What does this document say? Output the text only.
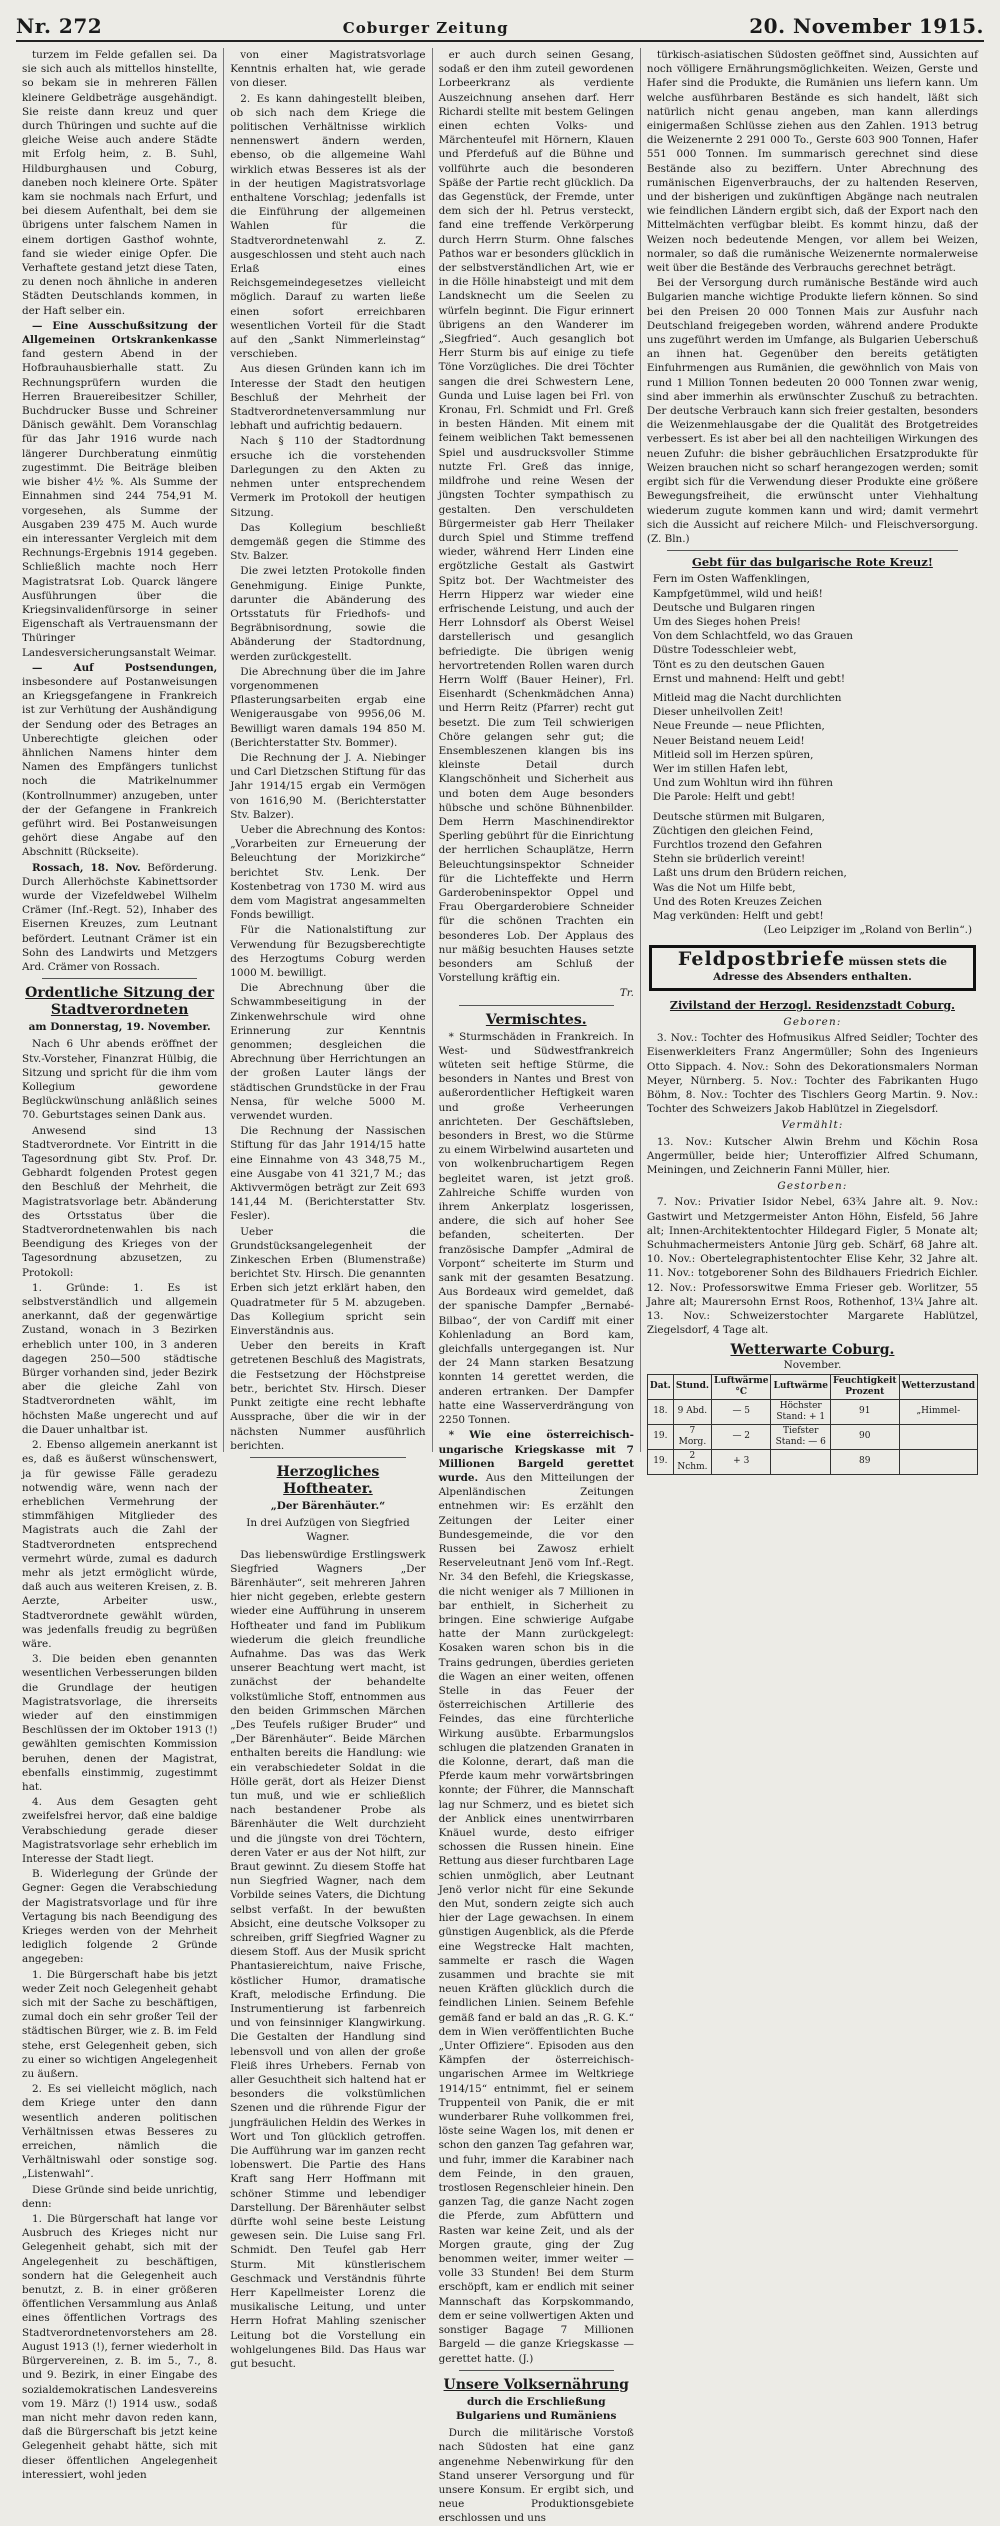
Nr. 272	Coburger Zeitung	20. November 1915.

turzem im Felde gefallen sei. Da sie sich auch als mittellos hinstellte, so bekam sie in mehreren Fällen kleinere Geldbeträge ausgehändigt. Sie reiste dann kreuz und quer durch Thüringen und suchte auf die gleiche Weise auch andere Städte mit Erfolg heim, z. B. Suhl, Hildburghausen und Coburg, daneben noch kleinere Orte. Später kam sie nochmals nach Erfurt, und bei diesem Aufenthalt, bei dem sie übrigens unter falschem Namen in einem dortigen Gasthof wohnte, fand sie wieder einige Opfer. Die Verhaftete gestand jetzt diese Taten, zu denen noch ähnliche in anderen Städten Deutschlands kommen, in der Haft selber ein.

— Eine Ausschußsitzung der Allgemeinen Ortskrankenkasse fand gestern Abend in der Hofbrauhausbierhalle statt. Zu Rechnungsprüfern wurden die Herren Brauereibesitzer Schiller, Buchdrucker Busse und Schreiner Dänisch gewählt. Dem Voranschlag für das Jahr 1916 wurde nach längerer Durchberatung einmütig zugestimmt. Die Beiträge bleiben wie bisher 4½ %. Als Summe der Einnahmen sind 244 754,91 M. vorgesehen, als Summe der Ausgaben 239 475 M. Auch wurde ein interessanter Vergleich mit dem Rechnungs-Ergebnis 1914 gegeben. Schließlich machte noch Herr Magistratsrat Lob. Quarck längere Ausführungen über die Kriegsinvalidenfürsorge in seiner Eigenschaft als Vertrauensmann der Thüringer Landesversicherungsanstalt Weimar.

— Auf Postsendungen, insbesondere auf Postanweisungen an Kriegsgefangene in Frankreich ist zur Verhütung der Aushändigung der Sendung oder des Betrages an Unberechtigte gleichen oder ähnlichen Namens hinter dem Namen des Empfängers tunlichst noch die Matrikelnummer (Kontrollnummer) anzugeben, unter der der Gefangene in Frankreich geführt wird. Bei Postanweisungen gehört diese Angabe auf den Abschnitt (Rückseite).

Rossach, 18. Nov. Beförderung. Durch Allerhöchste Kabinettsorder wurde der Vizefeldwebel Wilhelm Crämer (Inf.-Regt. 52), Inhaber des Eisernen Kreuzes, zum Leutnant befördert. Leutnant Crämer ist ein Sohn des Landwirts und Metzgers Ard. Crämer von Rossach.

Ordentliche Sitzung der Stadtverordneten
am Donnerstag, 19. November.

Nach 6 Uhr abends eröffnet der Stv.-Vorsteher, Finanzrat Hülbig, die Sitzung und spricht für die ihm vom Kollegium gewordene Beglückwünschung anläßlich seines 70. Geburtstages seinen Dank aus.

Anwesend sind 13 Stadtverordnete. Vor Eintritt in die Tagesordnung gibt Stv. Prof. Dr. Gebhardt folgenden Protest gegen den Beschluß der Mehrheit, die Magistratsvorlage betr. Abänderung des Ortsstatus über die Stadtverordnetenwahlen bis nach Beendigung des Krieges von der Tagesordnung abzusetzen, zu Protokoll:

1. Gründe: 1. Es ist selbstverständlich und allgemein anerkannt, daß der gegenwärtige Zustand, wonach in 3 Bezirken erheblich unter 100, in 3 anderen dagegen 250—500 städtische Bürger vorhanden sind, jeder Bezirk aber die gleiche Zahl von Stadtverordneten wählt, im höchsten Maße ungerecht und auf die Dauer unhaltbar ist.

2. Ebenso allgemein anerkannt ist es, daß es äußerst wünschenswert, ja für gewisse Fälle geradezu notwendig wäre, wenn nach der erheblichen Vermehrung der stimmfähigen Mitglieder des Magistrats auch die Zahl der Stadtverordneten entsprechend vermehrt würde, zumal es dadurch mehr als jetzt ermöglicht würde, daß auch aus weiteren Kreisen, z. B. Aerzte, Arbeiter usw., Stadtverordnete gewählt würden, was jedenfalls freudig zu begrüßen wäre.

3. Die beiden eben genannten wesentlichen Verbesserungen bilden die Grundlage der heutigen Magistratsvorlage, die ihrerseits wieder auf den einstimmigen Beschlüssen der im Oktober 1913 (!) gewählten gemischten Kommission beruhen, denen der Magistrat, ebenfalls einstimmig, zugestimmt hat.

4. Aus dem Gesagten geht zweifelsfrei hervor, daß eine baldige Verabschiedung gerade dieser Magistratsvorlage sehr erheblich im Interesse der Stadt liegt.

B. Widerlegung der Gründe der Gegner: Gegen die Verabschiedung der Magistratsvorlage und für ihre Vertagung bis nach Beendigung des Krieges werden von der Mehrheit lediglich folgende 2 Gründe angegeben:

1. Die Bürgerschaft habe bis jetzt weder Zeit noch Gelegenheit gehabt sich mit der Sache zu beschäftigen, zumal doch ein sehr großer Teil der städtischen Bürger, wie z. B. im Feld stehe, erst Gelegenheit geben, sich zu einer so wichtigen Angelegenheit zu äußern.

2. Es sei vielleicht möglich, nach dem Kriege unter den dann wesentlich anderen politischen Verhältnissen etwas Besseres zu erreichen, nämlich die Verhältniswahl oder sonstige sog. „Listenwahl“.

Diese Gründe sind beide unrichtig, denn:

1. Die Bürgerschaft hat lange vor Ausbruch des Krieges nicht nur Gelegenheit gehabt, sich mit der Angelegenheit zu beschäftigen, sondern hat die Gelegenheit auch benutzt, z. B. in einer größeren öffentlichen Versammlung aus Anlaß eines öffentlichen Vortrags des Stadtverordnetenvorstehers am 28. August 1913 (!), ferner wiederholt in Bürgervereinen, z. B. im 5., 7., 8. und 9. Bezirk, in einer Eingabe des sozialdemokratischen Landesvereins vom 19. März (!) 1914 usw., sodaß man nicht mehr davon reden kann, daß die Bürgerschaft bis jetzt keine Gelegenheit gehabt hätte, sich mit dieser öffentlichen Angelegenheit interessiert, wohl jeden

von einer Magistratsvorlage Kenntnis erhalten hat, wie gerade von dieser.

2. Es kann dahingestellt bleiben, ob sich nach dem Kriege die politischen Verhältnisse wirklich nennenswert ändern werden, ebenso, ob die allgemeine Wahl wirklich etwas Besseres ist als der in der heutigen Magistratsvorlage enthaltene Vorschlag; jedenfalls ist die Einführung der allgemeinen Wahlen für die Stadtverordnetenwahl z. Z. ausgeschlossen und steht auch nach Erlaß eines Reichsgemeindegesetzes vielleicht möglich. Darauf zu warten ließe einen sofort erreichbaren wesentlichen Vorteil für die Stadt auf den „Sankt Nimmerleinstag“ verschieben.

Aus diesen Gründen kann ich im Interesse der Stadt den heutigen Beschluß der Mehrheit der Stadtverordnetenversammlung nur lebhaft und aufrichtig bedauern.

Nach § 110 der Stadtordnung ersuche ich die vorstehenden Darlegungen zu den Akten zu nehmen unter entsprechendem Vermerk im Protokoll der heutigen Sitzung.

Das Kollegium beschließt demgemäß gegen die Stimme des Stv. Balzer.

Die zwei letzten Protokolle finden Genehmigung. Einige Punkte, darunter die Abänderung des Ortsstatuts für Friedhofs- und Begräbnisordnung, sowie die Abänderung der Stadtordnung, werden zurückgestellt.

Die Abrechnung über die im Jahre vorgenommenen Pflasterungsarbeiten ergab eine Wenigerausgabe von 9956,06 M. Bewilligt waren damals 194 850 M. (Berichterstatter Stv. Bommer).

Die Rechnung der J. A. Niebinger und Carl Dietzschen Stiftung für das Jahr 1914/15 ergab ein Vermögen von 1616,90 M. (Berichterstatter Stv. Balzer).

Ueber die Abrechnung des Kontos: „Vorarbeiten zur Erneuerung der Beleuchtung der Morizkirche“ berichtet Stv. Lenk. Der Kostenbetrag von 1730 M. wird aus dem vom Magistrat angesammelten Fonds bewilligt.

Für die Nationalstiftung zur Verwendung für Bezugsberechtigte des Herzogtums Coburg werden 1000 M. bewilligt.

Die Abrechnung über die Schwammbeseitigung in der Zinkenwehrschule wird ohne Erinnerung zur Kenntnis genommen; desgleichen die Abrechnung über Herrichtungen an der großen Lauter längs der städtischen Grundstücke in der Frau Nensa, für welche 5000 M. verwendet wurden.

Die Rechnung der Nassischen Stiftung für das Jahr 1914/15 hatte eine Einnahme von 43 348,75 M., eine Ausgabe von 41 321,7 M.; das Aktivvermögen beträgt zur Zeit 693 141,44 M. (Berichterstatter Stv. Fesler).

Ueber die Grundstücksangelegenheit der Zinkeschen Erben (Blumenstraße) berichtet Stv. Hirsch. Die genannten Erben sich jetzt erklärt haben, den Quadratmeter für 5 M. abzugeben. Das Kollegium spricht sein Einverständnis aus.

Ueber den bereits in Kraft getretenen Beschluß des Magistrats, die Festsetzung der Höchstpreise betr., berichtet Stv. Hirsch. Dieser Punkt zeitigte eine recht lebhafte Aussprache, über die wir in der nächsten Nummer ausführlich berichten.

Herzogliches Hoftheater.
„Der Bärenhäuter.“
In drei Aufzügen von Siegfried Wagner.

Das liebenswürdige Erstlingswerk Siegfried Wagners „Der Bärenhäuter“, seit mehreren Jahren hier nicht gegeben, erlebte gestern wieder eine Aufführung in unserem Hoftheater und fand im Publikum wiederum die gleich freundliche Aufnahme. Das was das Werk unserer Beachtung wert macht, ist zunächst der behandelte volkstümliche Stoff, entnommen aus den beiden Grimmschen Märchen „Des Teufels rußiger Bruder“ und „Der Bärenhäuter“. Beide Märchen enthalten bereits die Handlung: wie ein verabschiedeter Soldat in die Hölle gerät, dort als Heizer Dienst tun muß, und wie er schließlich nach bestandener Probe als Bärenhäuter die Welt durchzieht und die jüngste von drei Töchtern, deren Vater er aus der Not hilft, zur Braut gewinnt. Zu diesem Stoffe hat nun Siegfried Wagner, nach dem Vorbilde seines Vaters, die Dichtung selbst verfaßt. In der bewußten Absicht, eine deutsche Volksoper zu schreiben, griff Siegfried Wagner zu diesem Stoff. Aus der Musik spricht Phantasiereichtum, naive Frische, köstlicher Humor, dramatische Kraft, melodische Erfindung. Die Instrumentierung ist farbenreich und von feinsinniger Klangwirkung. Die Gestalten der Handlung sind lebensvoll und von allen der große Fleiß ihres Urhebers. Fernab von aller Gesuchtheit sich haltend hat er besonders die volkstümlichen Szenen und die rührende Figur der jungfräulichen Heldin des Werkes in Wort und Ton glücklich getroffen. Die Aufführung war im ganzen recht lobenswert. Die Partie des Hans Kraft sang Herr Hoffmann mit schöner Stimme und lebendiger Darstellung. Der Bärenhäuter selbst dürfte wohl seine beste Leistung gewesen sein. Die Luise sang Frl. Schmidt. Den Teufel gab Herr Sturm. Mit künstlerischem Geschmack und Verständnis führte Herr Kapellmeister Lorenz die musikalische Leitung, und unter Herrn Hofrat Mahling szenischer Leitung bot die Vorstellung ein wohlgelungenes Bild. Das Haus war gut besucht.

er auch durch seinen Gesang, sodaß er den ihm zuteil gewordenen Lorbeerkranz als verdiente Auszeichnung ansehen darf. Herr Richardi stellte mit bestem Gelingen einen echten Volks- und Märchenteufel mit Hörnern, Klauen und Pferdefuß auf die Bühne und vollführte auch die besonderen Späße der Partie recht glücklich. Da das Gegenstück, der Fremde, unter dem sich der hl. Petrus versteckt, fand eine treffende Verkörperung durch Herrn Sturm. Ohne falsches Pathos war er besonders glücklich in der selbstverständlichen Art, wie er in die Hölle hinabsteigt und mit dem Landsknecht um die Seelen zu würfeln beginnt. Die Figur erinnert übrigens an den Wanderer im „Siegfried“. Auch gesanglich bot Herr Sturm bis auf einige zu tiefe Töne Vorzügliches. Die drei Töchter sangen die drei Schwestern Lene, Gunda und Luise lagen bei Frl. von Kronau, Frl. Schmidt und Frl. Greß in besten Händen. Mit einem mit feinem weiblichen Takt bemessenen Spiel und ausdrucksvoller Stimme nutzte Frl. Greß das innige, mildfrohe und reine Wesen der jüngsten Tochter sympathisch zu gestalten. Den verschuldeten Bürgermeister gab Herr Theilaker durch Spiel und Stimme treffend wieder, während Herr Linden eine ergötzliche Gestalt als Gastwirt Spitz bot. Der Wachtmeister des Herrn Hipperz war wieder eine erfrischende Leistung, und auch der Herr Lohnsdorf als Oberst Weisel darstellerisch und gesanglich befriedigte. Die übrigen wenig hervortretenden Rollen waren durch Herrn Wolff (Bauer Heiner), Frl. Eisenhardt (Schenkmädchen Anna) und Herrn Reitz (Pfarrer) recht gut besetzt. Die zum Teil schwierigen Chöre gelangen sehr gut; die Ensembleszenen klangen bis ins kleinste Detail durch Klangschönheit und Sicherheit aus und boten dem Auge besonders hübsche und schöne Bühnenbilder. Dem Herrn Maschinendirektor Sperling gebührt für die Einrichtung der herrlichen Schauplätze, Herrn Beleuchtungsinspektor Schneider für die Lichteffekte und Herrn Garderobeninspektor Oppel und Frau Obergarderobiere Schneider für die schönen Trachten ein besonderes Lob. Der Applaus des nur mäßig besuchten Hauses setzte besonders am Schluß der Vorstellung kräftig ein.

Tr.
Vermischtes.

* Sturmschäden in Frankreich. In West- und Südwestfrankreich wüteten seit heftige Stürme, die besonders in Nantes und Brest von außerordentlicher Heftigkeit waren und große Verheerungen anrichteten. Der Geschäftsleben, besonders in Brest, wo die Stürme zu einem Wirbelwind ausarteten und von wolkenbruchartigem Regen begleitet waren, ist jetzt groß. Zahlreiche Schiffe wurden von ihrem Ankerplatz losgerissen, andere, die sich auf hoher See befanden, scheiterten. Der französische Dampfer „Admiral de Vorpont“ scheiterte im Sturm und sank mit der gesamten Besatzung. Aus Bordeaux wird gemeldet, daß der spanische Dampfer „Bernabé-Bilbao“, der von Cardiff mit einer Kohlenladung an Bord kam, gleichfalls untergegangen ist. Nur der 24 Mann starken Besatzung konnten 14 gerettet werden, die anderen ertranken. Der Dampfer hatte eine Wasserverdrängung von 2250 Tonnen.

* Wie eine österreichisch-ungarische Kriegskasse mit 7 Millionen Bargeld gerettet wurde. Aus den Mitteilungen der Alpenländischen Zeitungen entnehmen wir: Es erzählt den Zeitungen der Leiter einer Bundesgemeinde, die vor den Russen bei Zawosz erhielt Reserveleutnant Jenö vom Inf.-Regt. Nr. 34 den Befehl, die Kriegskasse, die nicht weniger als 7 Millionen in bar enthielt, in Sicherheit zu bringen. Eine schwierige Aufgabe hatte der Mann zurückgelegt: Kosaken waren schon bis in die Trains gedrungen, überdies gerieten die Wagen an einer weiten, offenen Stelle in das Feuer der österreichischen Artillerie des Feindes, das eine fürchterliche Wirkung ausübte. Erbarmungslos schlugen die platzenden Granaten in die Kolonne, derart, daß man die Pferde kaum mehr vorwärtsbringen konnte; der Führer, die Mannschaft lag nur Schmerz, und es bietet sich der Anblick eines unentwirrbaren Knäuel wurde, desto eifriger schossen die Russen hinein. Eine Rettung aus dieser furchtbaren Lage schien unmöglich, aber Leutnant Jenö verlor nicht für eine Sekunde den Mut, sondern zeigte sich auch hier der Lage gewachsen. In einem günstigen Augenblick, als die Pferde eine Wegstrecke Halt machten, sammelte er rasch die Wagen zusammen und brachte sie mit neuen Kräften glücklich durch die feindlichen Linien. Seinem Befehle gemäß fand er bald an das „R. G. K.“ dem in Wien veröffentlichten Buche „Unter Offiziere“. Episoden aus den Kämpfen der österreichisch-ungarischen Armee im Weltkriege 1914/15“ entnimmt, fiel er seinem Truppenteil von Panik, die er mit wunderbarer Ruhe vollkommen frei, löste seine Wagen los, mit denen er schon den ganzen Tag gefahren war, und fuhr, immer die Karabiner nach dem Feinde, in den grauen, trostlosen Regenschleier hinein. Den ganzen Tag, die ganze Nacht zogen die Pferde, zum Abfüttern und Rasten war keine Zeit, und als der Morgen graute, ging der Zug benommen weiter, immer weiter — volle 33 Stunden! Bei dem Sturm erschöpft, kam er endlich mit seiner Mannschaft das Korpskommando, dem er seine vollwertigen Akten und sonstiger Bagage 7 Millionen Bargeld — die ganze Kriegskasse — gerettet hatte. (J.)

Unsere Volksernährung
durch die Erschließung Bulgariens und Rumäniens

Durch die militärische Vorstoß nach Südosten hat eine ganz angenehme Nebenwirkung für den Stand unserer Versorgung und für unsere Konsum. Er ergibt sich, und neue Produktionsgebiete erschlossen und uns

türkisch-asiatischen Südosten geöffnet sind, Aussichten auf noch völligere Ernährungsmöglichkeiten. Weizen, Gerste und Hafer sind die Produkte, die Rumänien uns liefern kann. Um welche ausführbaren Bestände es sich handelt, läßt sich natürlich nicht genau angeben, man kann allerdings einigermaßen Schlüsse ziehen aus den Zahlen. 1913 betrug die Weizenernte 2 291 000 To., Gerste 603 900 Tonnen, Hafer 551 000 Tonnen. Im summarisch gerechnet sind diese Bestände also zu beziffern. Unter Abrechnung des rumänischen Eigenverbrauchs, der zu haltenden Reserven, und der bisherigen und zukünftigen Abgänge nach neutralen wie feindlichen Ländern ergibt sich, daß der Export nach den Mittelmächten verfügbar bleibt. Es kommt hinzu, daß der Weizen noch bedeutende Mengen, vor allem bei Weizen, normaler, so daß die rumänische Weizenernte normalerweise weit über die Bestände des Verbrauchs gerechnet beträgt.

Bei der Versorgung durch rumänische Bestände wird auch Bulgarien manche wichtige Produkte liefern können. So sind bei den Preisen 20 000 Tonnen Mais zur Ausfuhr nach Deutschland freigegeben worden, während andere Produkte uns zugeführt werden im Umfange, als Bulgarien Ueberschuß an ihnen hat. Gegenüber den bereits getätigten Einfuhrmengen aus Rumänien, die gewöhnlich von Mais von rund 1 Million Tonnen bedeuten 20 000 Tonnen zwar wenig, sind aber immerhin als erwünschter Zuschuß zu betrachten. Der deutsche Verbrauch kann sich freier gestalten, besonders die Weizenmehlausgabe der die Qualität des Brotgetreides verbessert. Es ist aber bei all den nachteiligen Wirkungen des neuen Zufuhr: die bisher gebräuchlichen Ersatzprodukte für Weizen brauchen nicht so scharf herangezogen werden; somit ergibt sich für die Verwendung dieser Produkte eine größere Bewegungsfreiheit, die erwünscht unter Viehhaltung wiederum zugute kommen kann und wird; damit vermehrt sich die Aussicht auf reichere Milch- und Fleischversorgung. (Z. Bln.)

Gebt für das bulgarische Rote Kreuz!
Fern im Osten Waffenklingen,
Kampfgetümmel, wild und heiß!
Deutsche und Bulgaren ringen
Um des Sieges hohen Preis!
Von dem Schlachtfeld, wo das Grauen
Düstre Todesschleier webt,
Tönt es zu den deutschen Gauen
Ernst und mahnend: Helft und gebt!
Mitleid mag die Nacht durchlichten
Dieser unheilvollen Zeit!
Neue Freunde — neue Pflichten,
Neuer Beistand neuem Leid!
Mitleid soll im Herzen spüren,
Wer im stillen Hafen lebt,
Und zum Wohltun wird ihn führen
Die Parole: Helft und gebt!
Deutsche stürmen mit Bulgaren,
Züchtigen den gleichen Feind,
Furchtlos trozend den Gefahren
Stehn sie brüderlich vereint!
Laßt uns drum den Brüdern reichen,
Was die Not um Hilfe bebt,
Und des Roten Kreuzes Zeichen
Mag verkünden: Helft und gebt!
(Leo Leipziger im „Roland von Berlin“.)
Feldpostbriefe müssen stets die Adresse des Absenders enthalten.
Zivilstand der Herzogl. Residenzstadt Coburg.
Geboren:

3. Nov.: Tochter des Hofmusikus Alfred Seidler; Tochter des Eisenwerkleiters Franz Angermüller; Sohn des Ingenieurs Otto Sippach. 4. Nov.: Sohn des Dekorationsmalers Norman Meyer, Nürnberg. 5. Nov.: Tochter des Fabrikanten Hugo Böhm, 8. Nov.: Tochter des Tischlers Georg Martin. 9. Nov.: Tochter des Schweizers Jakob Hablützel in Ziegelsdorf.

Vermählt:

13. Nov.: Kutscher Alwin Brehm und Köchin Rosa Angermüller, beide hier; Unteroffizier Alfred Schumann, Meiningen, und Zeichnerin Fanni Müller, hier.

Gestorben:

7. Nov.: Privatier Isidor Nebel, 63¾ Jahre alt. 9. Nov.: Gastwirt und Metzgermeister Anton Höhn, Eisfeld, 56 Jahre alt; Innen-Architektentochter Hildegard Figler, 5 Monate alt; Schuhmachermeisters Antonie Jürg geb. Schärf, 68 Jahre alt. 10. Nov.: Obertelegraphistentochter Elise Kehr, 32 Jahre alt. 11. Nov.: totgeborener Sohn des Bildhauers Friedrich Eichler. 12. Nov.: Professorswitwe Emma Frieser geb. Worlitzer, 55 Jahre alt; Maurersohn Ernst Roos, Rothenhof, 13¼ Jahre alt. 13. Nov.: Schweizerstochter Margarete Hablützel, Ziegelsdorf, 4 Tage alt.

Wetterwarte Coburg.
November.
Dat.	Stund.	Luftwärme °C	Luftwärme	Feuchtigkeit Prozent	Wetterzustand
18.	9 Abd.	— 5	Höchster Stand: + 1	91	„Himmel-
19.	7 Morg.	— 2	Tiefster Stand: — 6	90	
19.	2 Nchm.	+ 3		89	
